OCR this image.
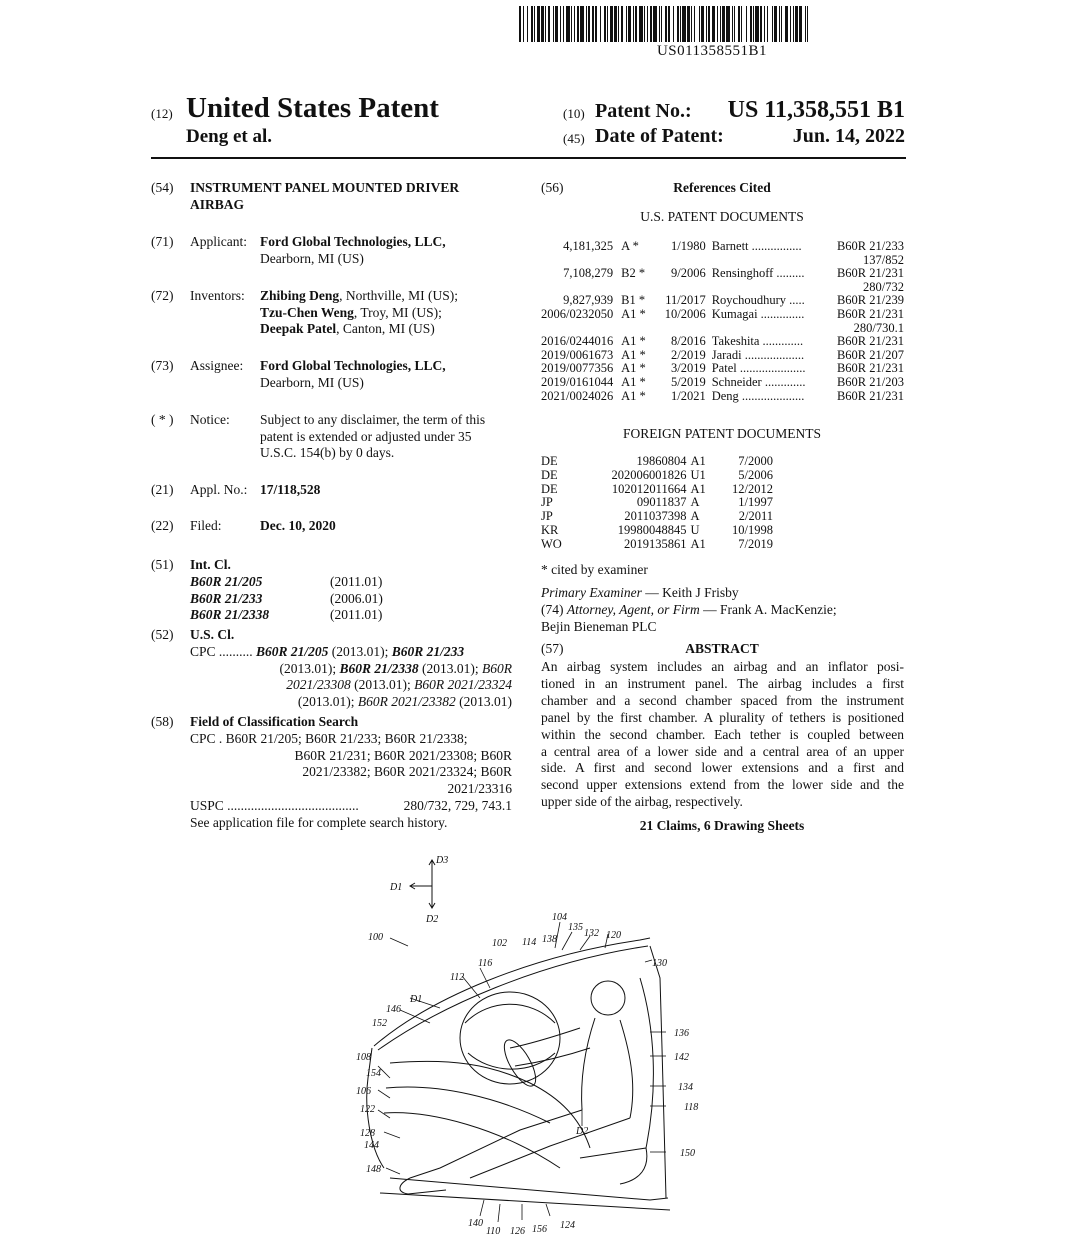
US011358551B1
(12) United States Patent
Deng et al.
(10) Patent No.: US 11,358,551 B1
(45) Date of Patent:	Jun. 14, 2022
(54) INSTRUMENT PANEL MOUNTED DRIVER
AIRBAG
(71) Applicant: Ford Global Technologies, LLC,
Dearborn, MI (US)
(72) Inventors: Zhibing Deng, Northville, MI (US);
Tzu-Chen Weng, Troy, MI (US);
Deepak Patel, Canton, MI (US)
(73) Assignee: Ford Global Technologies, LLC,
Dearborn, MI (US)
( * ) Notice: Subject to any disclaimer, the term of this
patent is extended or adjusted under 35
U.S.C. 154(b) by 0 days.
(21) Appl. No.: 17/118,528
(22) Filed:	Dec. 10, 2020
(51) Int. Cl.
B60R 21/205	(2011.01)
B60R 21/233	(2006.01)
B60R 21/2338	(2011.01)
(52) U.S. Cl.
CPC .......... B60R 21/205 (2013.01); B60R 21/233
(2013.01); B60R 21/2338 (2013.01); B60R
2021/23308 (2013.01); B60R 2021/23324
(2013.01); B60R 2021/23382 (2013.01)
(58) Field of Classification Search
CPC . B60R 21/205; B60R 21/233; B60R 21/2338;
B60R 21/231; B60R 2021/23308; B60R
2021/23382; B60R 2021/23324; B60R
2021/23316
USPC .......................................	280/732, 729, 743.1
See application file for complete search history.
(56)	References Cited
U.S. PATENT DOCUMENTS
4,181,325 A *	1/1980 Barnett ................	B60R 21/233
137/852
7,108,279 B2 *	9/2006 Rensinghoff .........	B60R 21/231
280/732
9,827,939 B1 *	11/2017 Roychoudhury .....	B60R 21/239
2006/0232050 A1 *	10/2006 Kumagai ..............	B60R 21/231
280/730.1
2016/0244016 A1 *	8/2016 Takeshita .............	B60R 21/231
2019/0061673 A1 *	2/2019 Jaradi ...................	B60R 21/207
2019/0077356 A1 *	3/2019 Patel .....................	B60R 21/231
2019/0161044 A1 *	5/2019 Schneider .............	B60R 21/203
2021/0024026 A1 *	1/2021 Deng ....................	B60R 21/231
FOREIGN PATENT DOCUMENTS
DE	19860804 A1	7/2000
DE	202006001826 U1	5/2006
DE	102012011664 A1	12/2012
JP	09011837 A	1/1997
JP	2011037398 A	2/2011
KR	19980048845 U	10/1998
WO	2019135861 A1	7/2019
* cited by examiner
Primary Examiner — Keith J Frisby
(74) Attorney, Agent, or Firm — Frank A. MacKenzie;
Bejin Bieneman PLC
(57)	ABSTRACT
An airbag system includes an airbag and an inflator posi-
tioned in an instrument panel. The airbag includes a first
chamber and a second chamber spaced from the instrument
panel by the first chamber. A plurality of tethers is positioned
within the second chamber. Each tether is coupled between
a central area of a lower side and a central area of an upper
side. A first and second lower extensions and a first and
second upper extensions extend from the lower side and the
upper side of the airbag, respectively.
21 Claims, 6 Drawing Sheets
D3
D1
D2
100
104
135
132 120
102 114 138
116	130
112
D1
146
152
136
142
108
154
134
106
118
122
128	D2
144
150
148
140
110 126 156 124
